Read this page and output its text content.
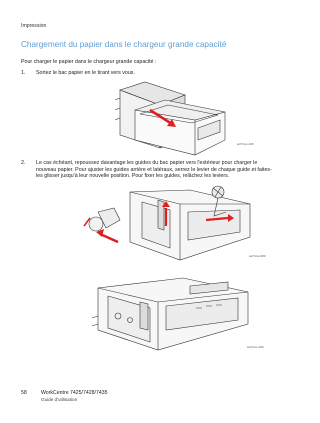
Impression
Chargement du papier dans le chargeur grande capacité
Pour charger le papier dans le chargeur grande capacité :
1. Sortez le bac papier en le tirant vers vous.
wcl7xxx-106
2. Le cas échéant, repoussez davantage les guides du bac papier vers l'extérieur pour charger le
nouveau papier. Pour ajuster les guides arrière et latéraux, serrez le levier de chaque guide et faites-
les glisser jusqu'à leur nouvelle position. Pour fixer les guides, relâchez les leviers.
wcl7xxx-083
wcl7xxx-100
58	WorkCentre 7425/7428/7435
Guide d'utilisation
